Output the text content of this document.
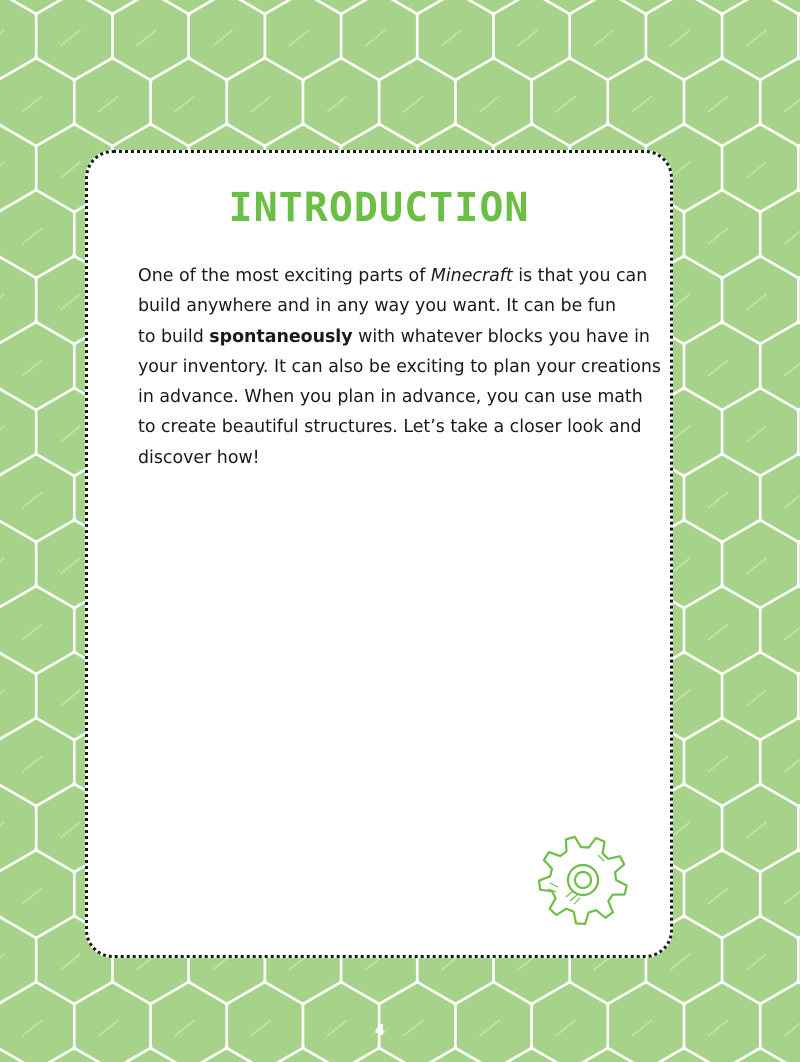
INTRODUCTION

One of the most exciting parts of Minecraft is that you can
build anywhere and in any way you want. It can be fun
to build spontaneously with whatever blocks you have in
your inventory. It can also be exciting to plan your creations
in advance. When you plan in advance, you can use math
to create beautiful structures. Let’s take a closer look and
discover how!

4
